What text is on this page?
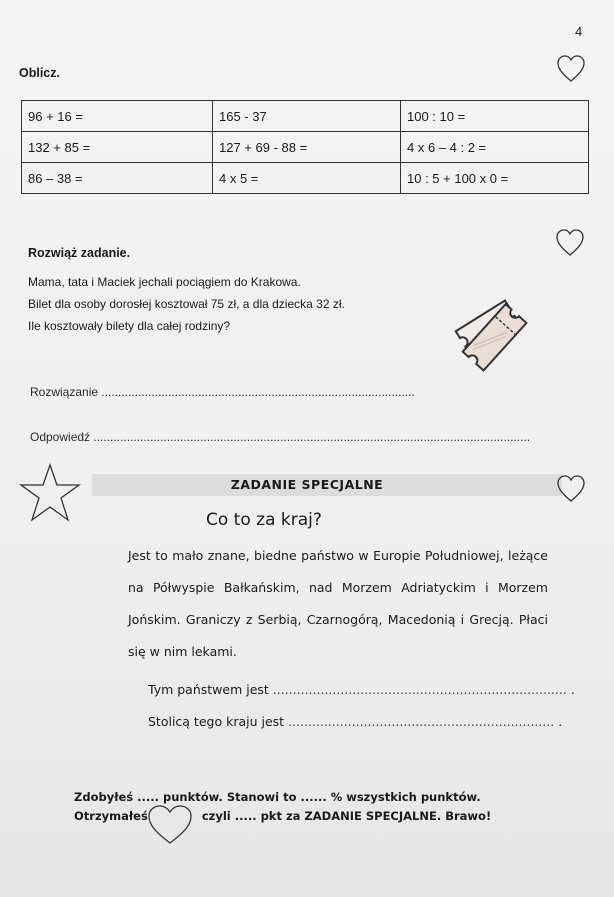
4
Oblicz.
96 + 16 =	165 - 37	100 : 10 =
132 + 85 =	127 + 69 - 88 =	4 x 6 – 4 : 2 =
86 – 38 =	4 x 5 =	10 : 5 + 100 x 0 =
Rozwiąż zadanie.
Mama, tata i Maciek jechali pociągiem do Krakowa.
Bilet dla osoby dorosłej kosztował 75 zł, a dla dziecka 32 zł.
Ile kosztowały bilety dla całej rodziny?
Rozwiązanie ..............................................................................................
Odpowiedź ...................................................................................................................................
ZADANIE SPECJALNE
Co to za kraj?
Jest to mało znane, biedne państwo w Europie Południowej, leżące na Półwyspie Bałkańskim, nad Morzem Adriatyckim i Morzem Jońskim. Graniczy z Serbią, Czarnogórą, Macedonią i Grecją. Płaci się w nim lekami.
Tym państwem jest .......................................................................... .
Stolicą tego kraju jest ................................................................... .
Zdobyłeś ..... punktów. Stanowi to ...... % wszystkich punktów.
Otrzymałeś	czyli ..... pkt za ZADANIE SPECJALNE. Brawo!
